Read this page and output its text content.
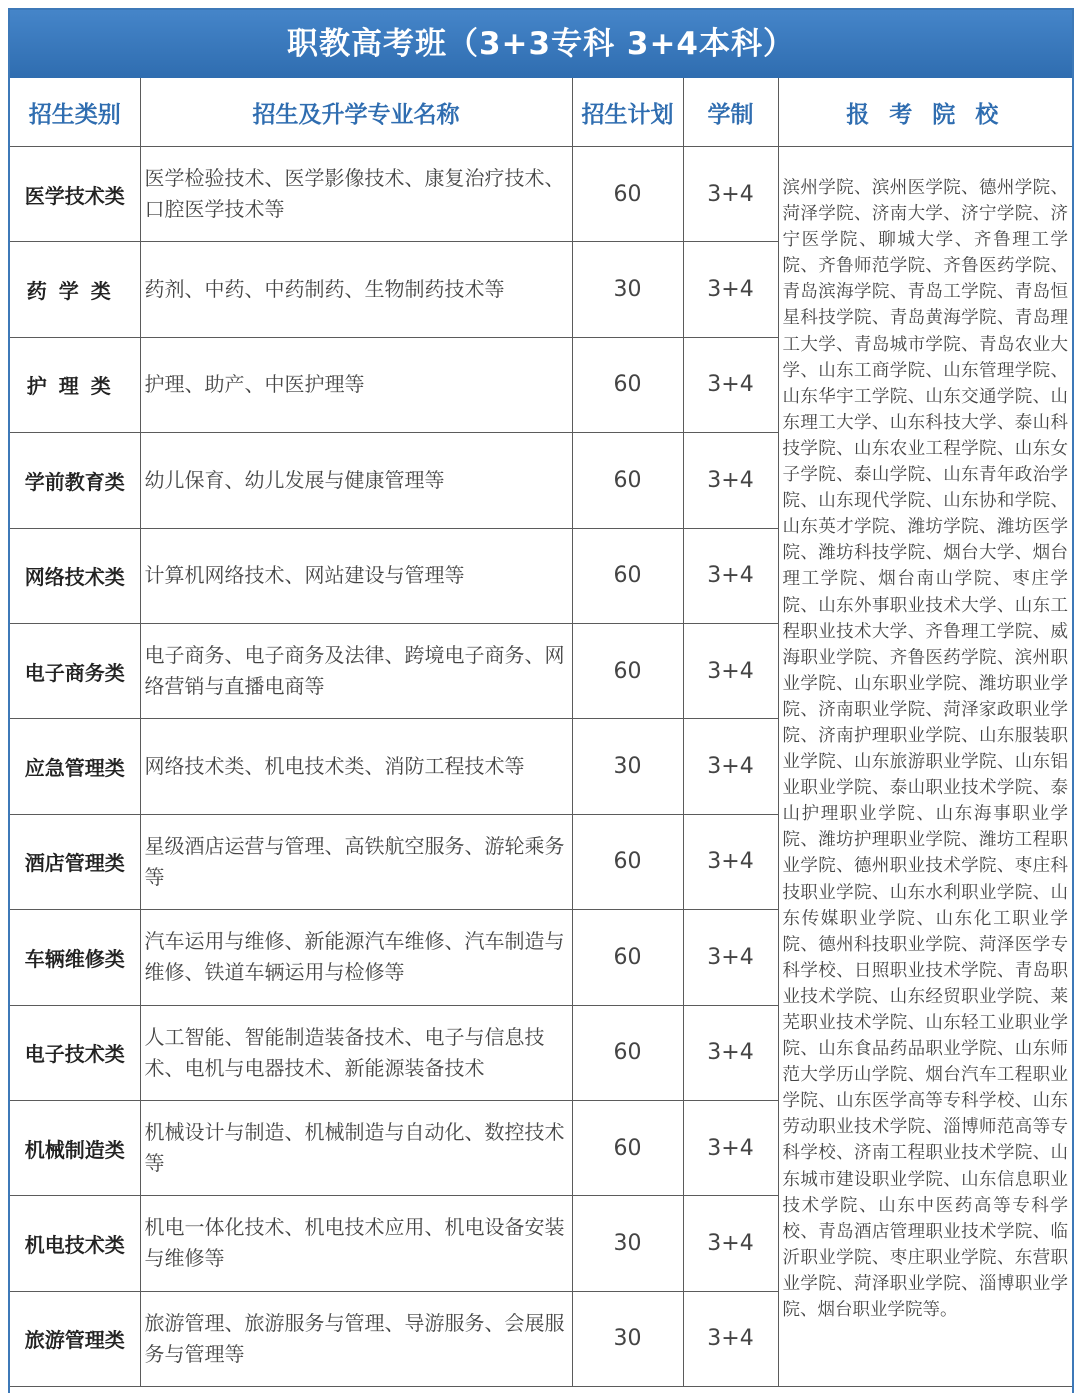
职教高考班（3+3专科 3+4本科）
招生类别	招生及升学专业名称	招生计划	学制	报 考 院 校
医学技术类	医学检验技术、医学影像技术、康复治疗技术、口腔医学技术等	60	3+4	滨州学院、滨州医学院、德州学院、菏泽学院、济南大学、济宁学院、济宁医学院、聊城大学、齐鲁理工学院、齐鲁师范学院、齐鲁医药学院、青岛滨海学院、青岛工学院、青岛恒星科技学院、青岛黄海学院、青岛理工大学、青岛城市学院、青岛农业大学、山东工商学院、山东管理学院、山东华宇工学院、山东交通学院、山东理工大学、山东科技大学、泰山科技学院、山东农业工程学院、山东女子学院、泰山学院、山东青年政治学院、山东现代学院、山东协和学院、山东英才学院、潍坊学院、潍坊医学院、潍坊科技学院、烟台大学、烟台理工学院、烟台南山学院、枣庄学院、山东外事职业技术大学、山东工程职业技术大学、齐鲁理工学院、威海职业学院、齐鲁医药学院、滨州职业学院、山东职业学院、潍坊职业学院、济南职业学院、菏泽家政职业学院、济南护理职业学院、山东服装职业学院、山东旅游职业学院、山东铝业职业学院、泰山职业技术学院、泰山护理职业学院、山东海事职业学院、潍坊护理职业学院、潍坊工程职业学院、德州职业技术学院、枣庄科技职业学院、山东水利职业学院、山东传媒职业学院、山东化工职业学院、德州科技职业学院、菏泽医学专科学校、日照职业技术学院、青岛职业技术学院、山东经贸职业学院、莱芜职业技术学院、山东轻工业职业学院、山东食品药品职业学院、山东师范大学历山学院、烟台汽车工程职业学院、山东医学高等专科学校、山东劳动职业技术学院、淄博师范高等专科学校、济南工程职业技术学院、山东城市建设职业学院、山东信息职业技术学院、山东中医药高等专科学校、青岛酒店管理职业技术学院、临沂职业学院、枣庄职业学院、东营职业学院、菏泽职业学院、淄博职业学院、烟台职业学院等。
药学类	药剂、中药、中药制药、生物制药技术等	30	3+4	
护理类	护理、助产、中医护理等	60	3+4	
学前教育类	幼儿保育、幼儿发展与健康管理等	60	3+4	
网络技术类	计算机网络技术、网站建设与管理等	60	3+4	
电子商务类	电子商务、电子商务及法律、跨境电子商务、网络营销与直播电商等	60	3+4	
应急管理类	网络技术类、机电技术类、消防工程技术等	30	3+4	
酒店管理类	星级酒店运营与管理、高铁航空服务、游轮乘务等	60	3+4	
车辆维修类	汽车运用与维修、新能源汽车维修、汽车制造与维修、铁道车辆运用与检修等	60	3+4	
电子技术类	人工智能、智能制造装备技术、电子与信息技术、电机与电器技术、新能源装备技术	60	3+4	
机械制造类	机械设计与制造、机械制造与自动化、数控技术等	60	3+4	
机电技术类	机电一体化技术、机电技术应用、机电设备安装与维修等	30	3+4	
旅游管理类	旅游管理、旅游服务与管理、导游服务、会展服务与管理等	30	3+4	
